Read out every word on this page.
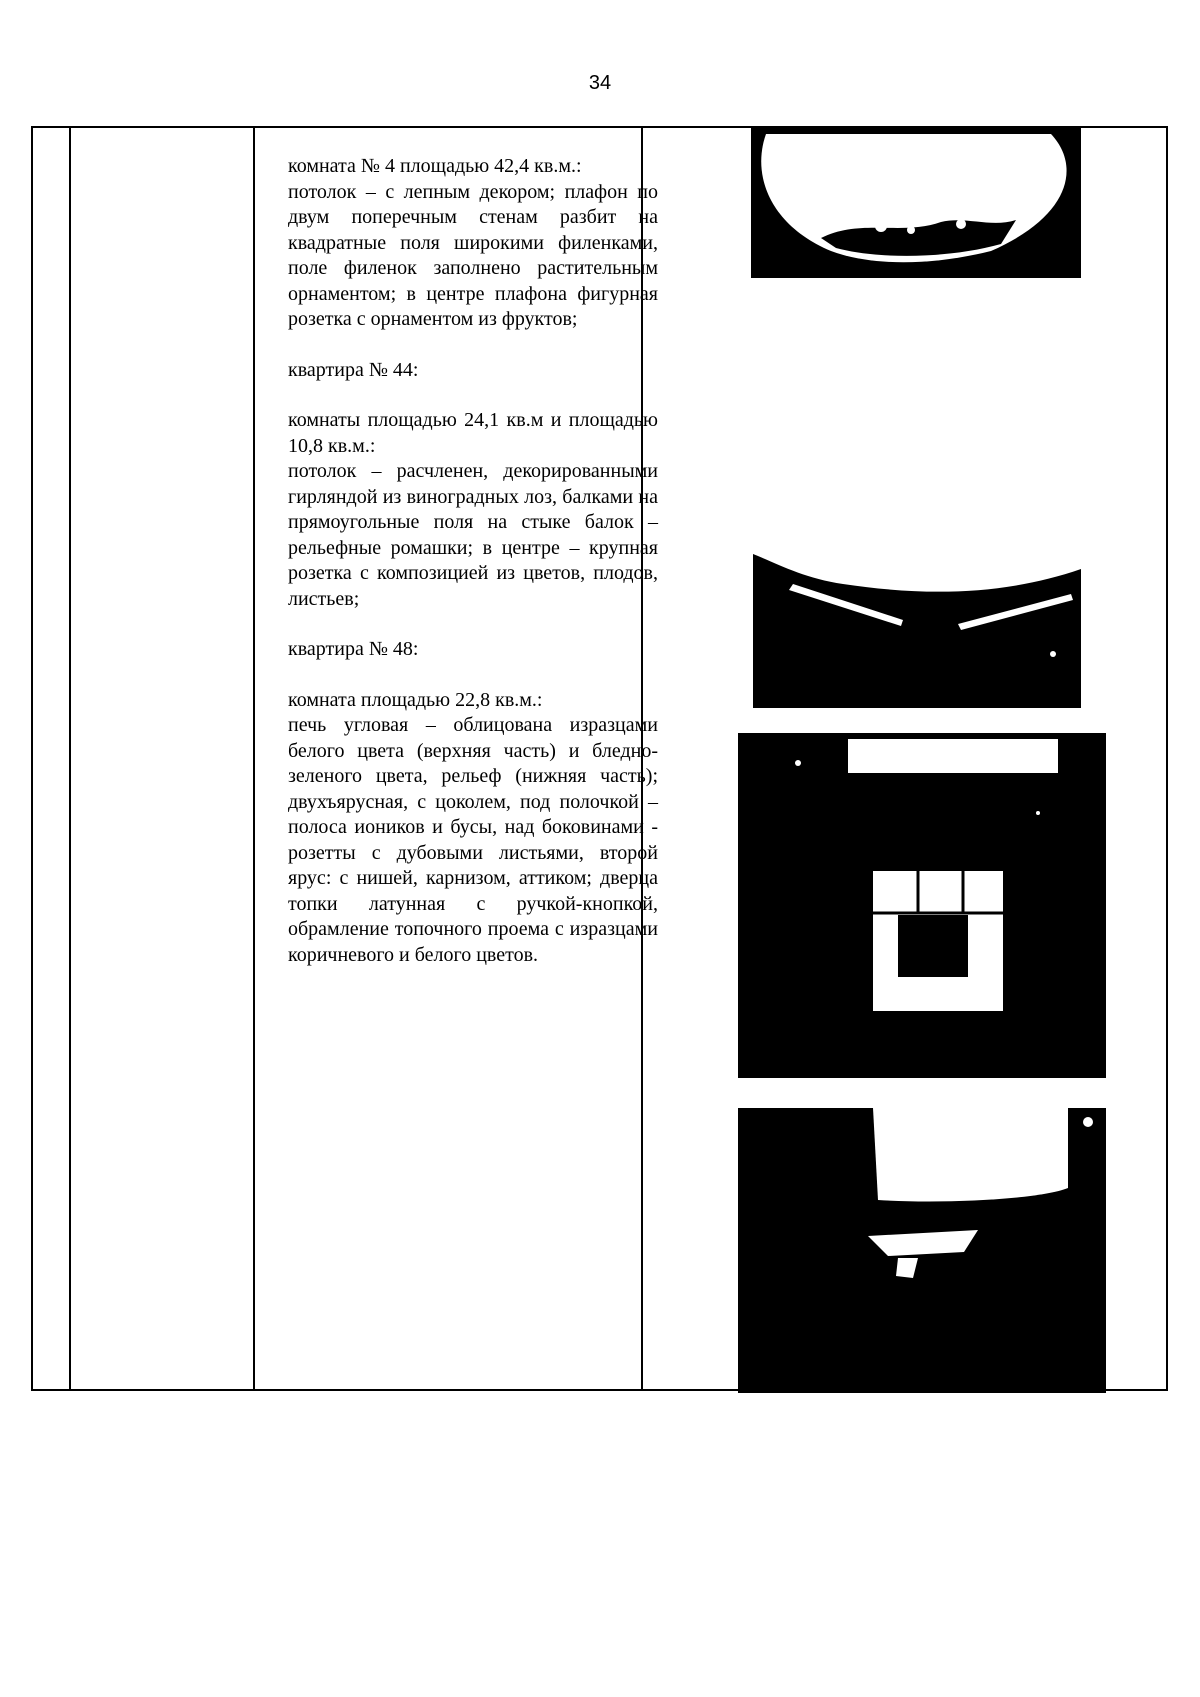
34
комната № 4 площадью 42,4 кв.м.:
потолок – с лепным декором; плафон по двум поперечным стенам разбит на квадратные поля широкими филенками, поле филенок заполнено растительным орнаментом; в центре плафона фигурная розетка с орнаментом из фруктов;
квартира № 44:
комнаты площадью 24,1 кв.м и площадью 10,8 кв.м.:
потолок – расчленен, декорированными гирляндой из виноградных лоз, балками на прямоугольные поля на стыке балок – рельефные ромашки; в центре – крупная розетка с композицией из цветов, плодов, листьев;
квартира № 48:
комната площадью 22,8 кв.м.:
печь угловая – облицована изразцами белого цвета (верхняя часть) и бледно-зеленого цвета, рельеф (нижняя часть); двухъярусная, с цоколем, под полочкой – полоса иоников и бусы, над боковинами - розетты с дубовыми листьями, второй ярус: с нишей, карнизом, аттиком; дверца топки латунная с ручкой-кнопкой, обрамление топочного проема с изразцами коричневого и белого цветов.
